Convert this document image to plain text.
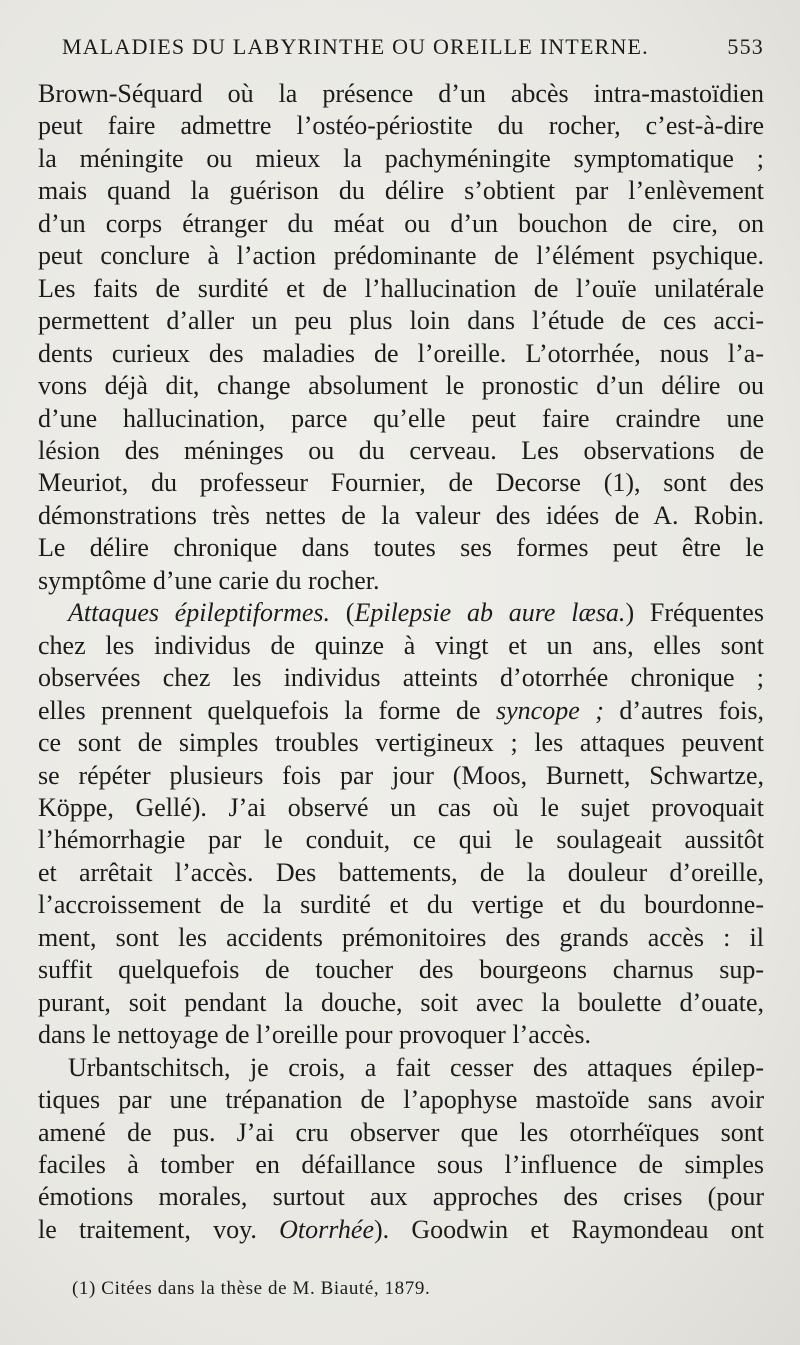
MALADIES DU LABYRINTHE OU OREILLE INTERNE.	553
Brown-Séquard où la présence d’un abcès intra-mastoïdien
peut faire admettre l’ostéo-périostite du rocher, c’est-à-dire
la méningite ou mieux la pachyméningite symptomatique ;
mais quand la guérison du délire s’obtient par l’enlèvement
d’un corps étranger du méat ou d’un bouchon de cire, on
peut conclure à l’action prédominante de l’élément psychique.
Les faits de surdité et de l’hallucination de l’ouïe unilatérale
permettent d’aller un peu plus loin dans l’étude de ces acci-
dents curieux des maladies de l’oreille. L’otorrhée, nous l’a-
vons déjà dit, change absolument le pronostic d’un délire ou
d’une hallucination, parce qu’elle peut faire craindre une
lésion des méninges ou du cerveau. Les observations de
Meuriot, du professeur Fournier, de Decorse (1), sont des
démonstrations très nettes de la valeur des idées de A. Robin.
Le délire chronique dans toutes ses formes peut être le
symptôme d’une carie du rocher.
Attaques épileptiformes. (Epilepsie ab aure læsa.) Fréquentes
chez les individus de quinze à vingt et un ans, elles sont
observées chez les individus atteints d’otorrhée chronique ;
elles prennent quelquefois la forme de syncope ; d’autres fois,
ce sont de simples troubles vertigineux ; les attaques peuvent
se répéter plusieurs fois par jour (Moos, Burnett, Schwartze,
Köppe, Gellé). J’ai observé un cas où le sujet provoquait
l’hémorrhagie par le conduit, ce qui le soulageait aussitôt
et arrêtait l’accès. Des battements, de la douleur d’oreille,
l’accroissement de la surdité et du vertige et du bourdonne-
ment, sont les accidents prémonitoires des grands accès : il
suffit quelquefois de toucher des bourgeons charnus sup-
purant, soit pendant la douche, soit avec la boulette d’ouate,
dans le nettoyage de l’oreille pour provoquer l’accès.
Urbantschitsch, je crois, a fait cesser des attaques épilep-
tiques par une trépanation de l’apophyse mastoïde sans avoir
amené de pus. J’ai cru observer que les otorrhéïques sont
faciles à tomber en défaillance sous l’influence de simples
émotions morales, surtout aux approches des crises (pour
le traitement, voy. Otorrhée). Goodwin et Raymondeau ont
(1) Citées dans la thèse de M. Biauté, 1879.
